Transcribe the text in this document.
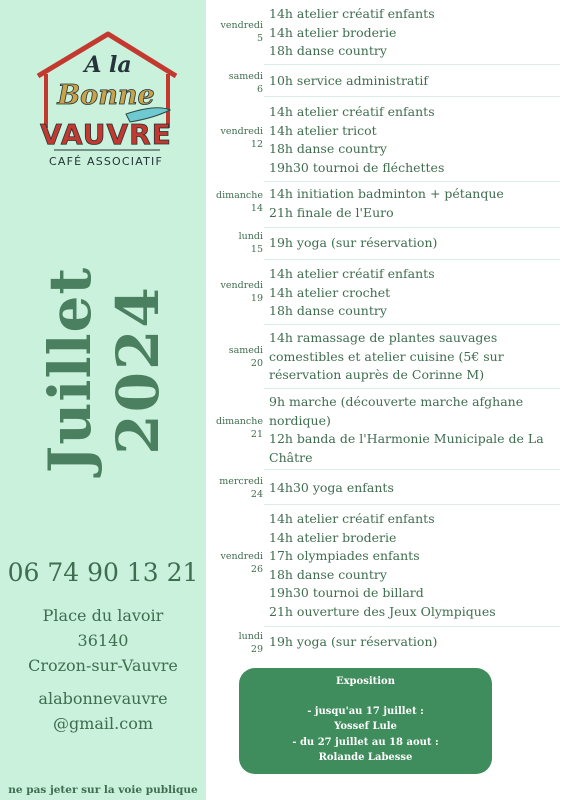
A la
Bonne
VAUVRE
CAFÉ ASSOCIATIF
Juillet 2024
06 74 90 13 21
Place du lavoir
36140
Crozon-sur-Vauvre
alabonnevauvre
@gmail.com
ne pas jeter sur la voie publique
vendredi
5
14h atelier créatif enfants
14h atelier broderie
18h danse country
samedi
6
10h service administratif
vendredi
12
14h atelier créatif enfants
14h atelier tricot
18h danse country
19h30 tournoi de fléchettes
dimanche
14
14h initiation badminton + pétanque
21h finale de l'Euro
lundi
15 19h yoga (sur réservation)
vendredi
19
14h atelier créatif enfants
14h atelier crochet
18h danse country
samedi
20
14h ramassage de plantes sauvages comestibles et atelier cuisine (5€ sur réservation auprès de Corinne M)
dimanche
21
9h marche (découverte marche afghane nordique)
12h banda de l'Harmonie Municipale de La Châtre
mercredi
24 14h30 yoga enfants
vendredi
26
14h atelier créatif enfants
14h atelier broderie
17h olympiades enfants
18h danse country
19h30 tournoi de billard
21h ouverture des Jeux Olympiques
lundi
29
19h yoga (sur réservation)
Exposition
- jusqu'au 17 juillet :
Yossef Lule
- du 27 juillet au 18 aout :
Rolande Labesse
